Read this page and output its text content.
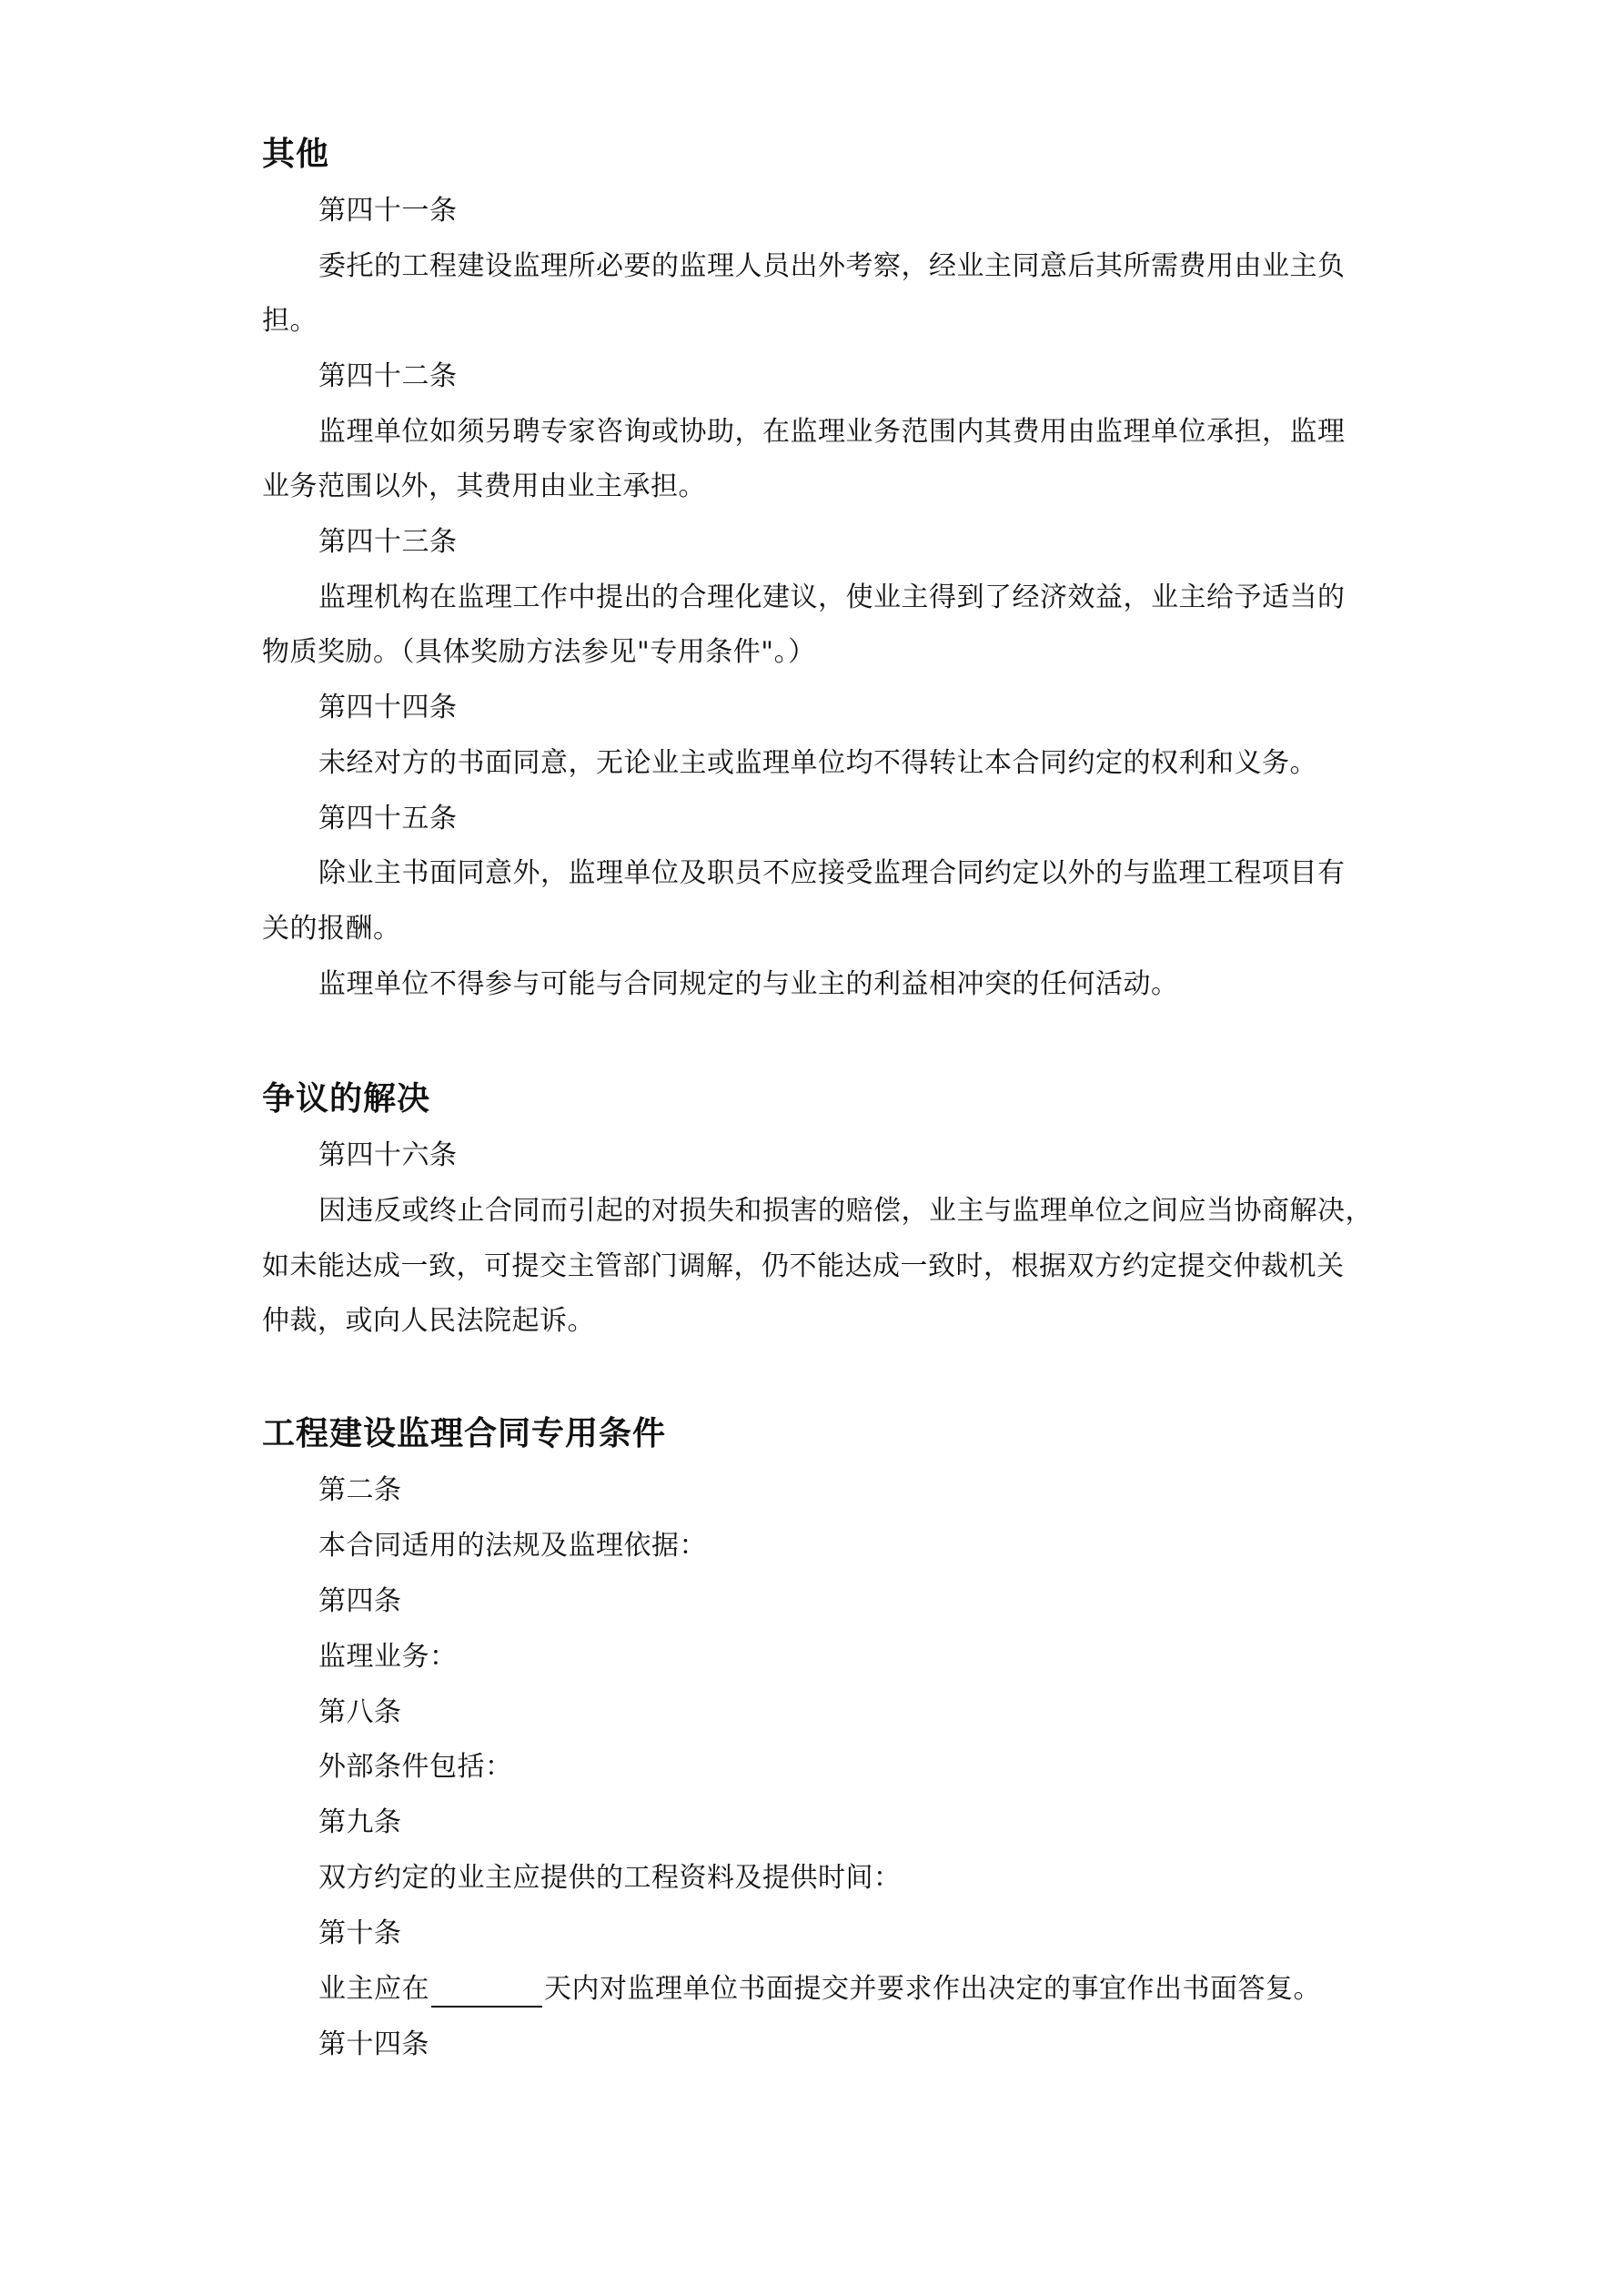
其他
第四十一条
委托的工程建设监理所必要的监理人员出外考察，经业主同意后其所需费用由业主负
担。
第四十二条
监理单位如须另聘专家咨询或协助，在监理业务范围内其费用由监理单位承担，监理
业务范围以外，其费用由业主承担。
第四十三条
监理机构在监理工作中提出的合理化建议，使业主得到了经济效益，业主给予适当的
物质奖励。（具体奖励方法参见"专用条件"。）
第四十四条
未经对方的书面同意，无论业主或监理单位均不得转让本合同约定的权利和义务。
第四十五条
除业主书面同意外，监理单位及职员不应接受监理合同约定以外的与监理工程项目有
关的报酬。
监理单位不得参与可能与合同规定的与业主的利益相冲突的任何活动。
争议的解决
第四十六条
因违反或终止合同而引起的对损失和损害的赔偿，业主与监理单位之间应当协商解决，
如未能达成一致，可提交主管部门调解，仍不能达成一致时，根据双方约定提交仲裁机关
仲裁，或向人民法院起诉。
工程建设监理合同专用条件
第二条
本合同适用的法规及监理依据：
第四条
监理业务：
第八条
外部条件包括：
第九条
双方约定的业主应提供的工程资料及提供时间：
第十条
业主应在	天内对监理单位书面提交并要求作出决定的事宜作出书面答复。
第十四条
